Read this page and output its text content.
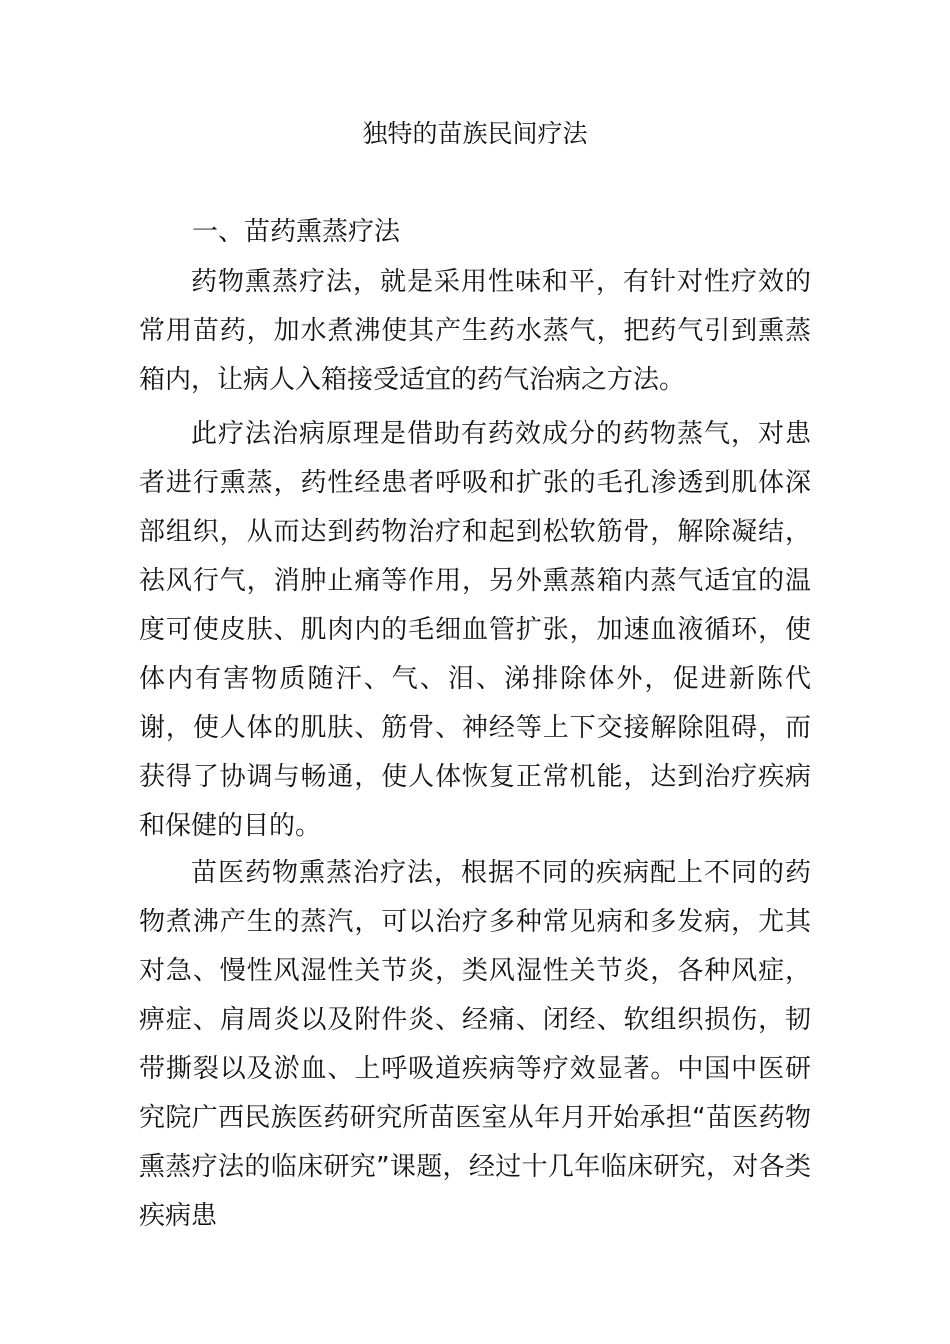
独特的苗族民间疗法
一、苗药熏蒸疗法

药物熏蒸疗法，就是采用性味和平，有针对性疗效的常用苗药，加水煮沸使其产生药水蒸气，把药气引到熏蒸箱内，让病人入箱接受适宜的药气治病之方法。

此疗法治病原理是借助有药效成分的药物蒸气，对患者进行熏蒸，药性经患者呼吸和扩张的毛孔渗透到肌体深部组织，从而达到药物治疗和起到松软筋骨，解除凝结，祛风行气，消肿止痛等作用，另外熏蒸箱内蒸气适宜的温度可使皮肤、肌肉内的毛细血管扩张，加速血液循环，使体内有害物质随汗、气、泪、涕排除体外，促进新陈代谢，使人体的肌肤、筋骨、神经等上下交接解除阻碍，而获得了协调与畅通，使人体恢复正常机能，达到治疗疾病和保健的目的。

苗医药物熏蒸治疗法，根据不同的疾病配上不同的药物煮沸产生的蒸汽，可以治疗多种常见病和多发病，尤其对急、慢性风湿性关节炎，类风湿性关节炎，各种风症，痹症、肩周炎以及附件炎、经痛、闭经、软组织损伤，韧带撕裂以及淤血、上呼吸道疾病等疗效显著。中国中医研究院广西民族医药研究所苗医室从年月开始承担“苗医药物熏蒸疗法的临床研究”课题，经过十几年临床研究，对各类疾病患
